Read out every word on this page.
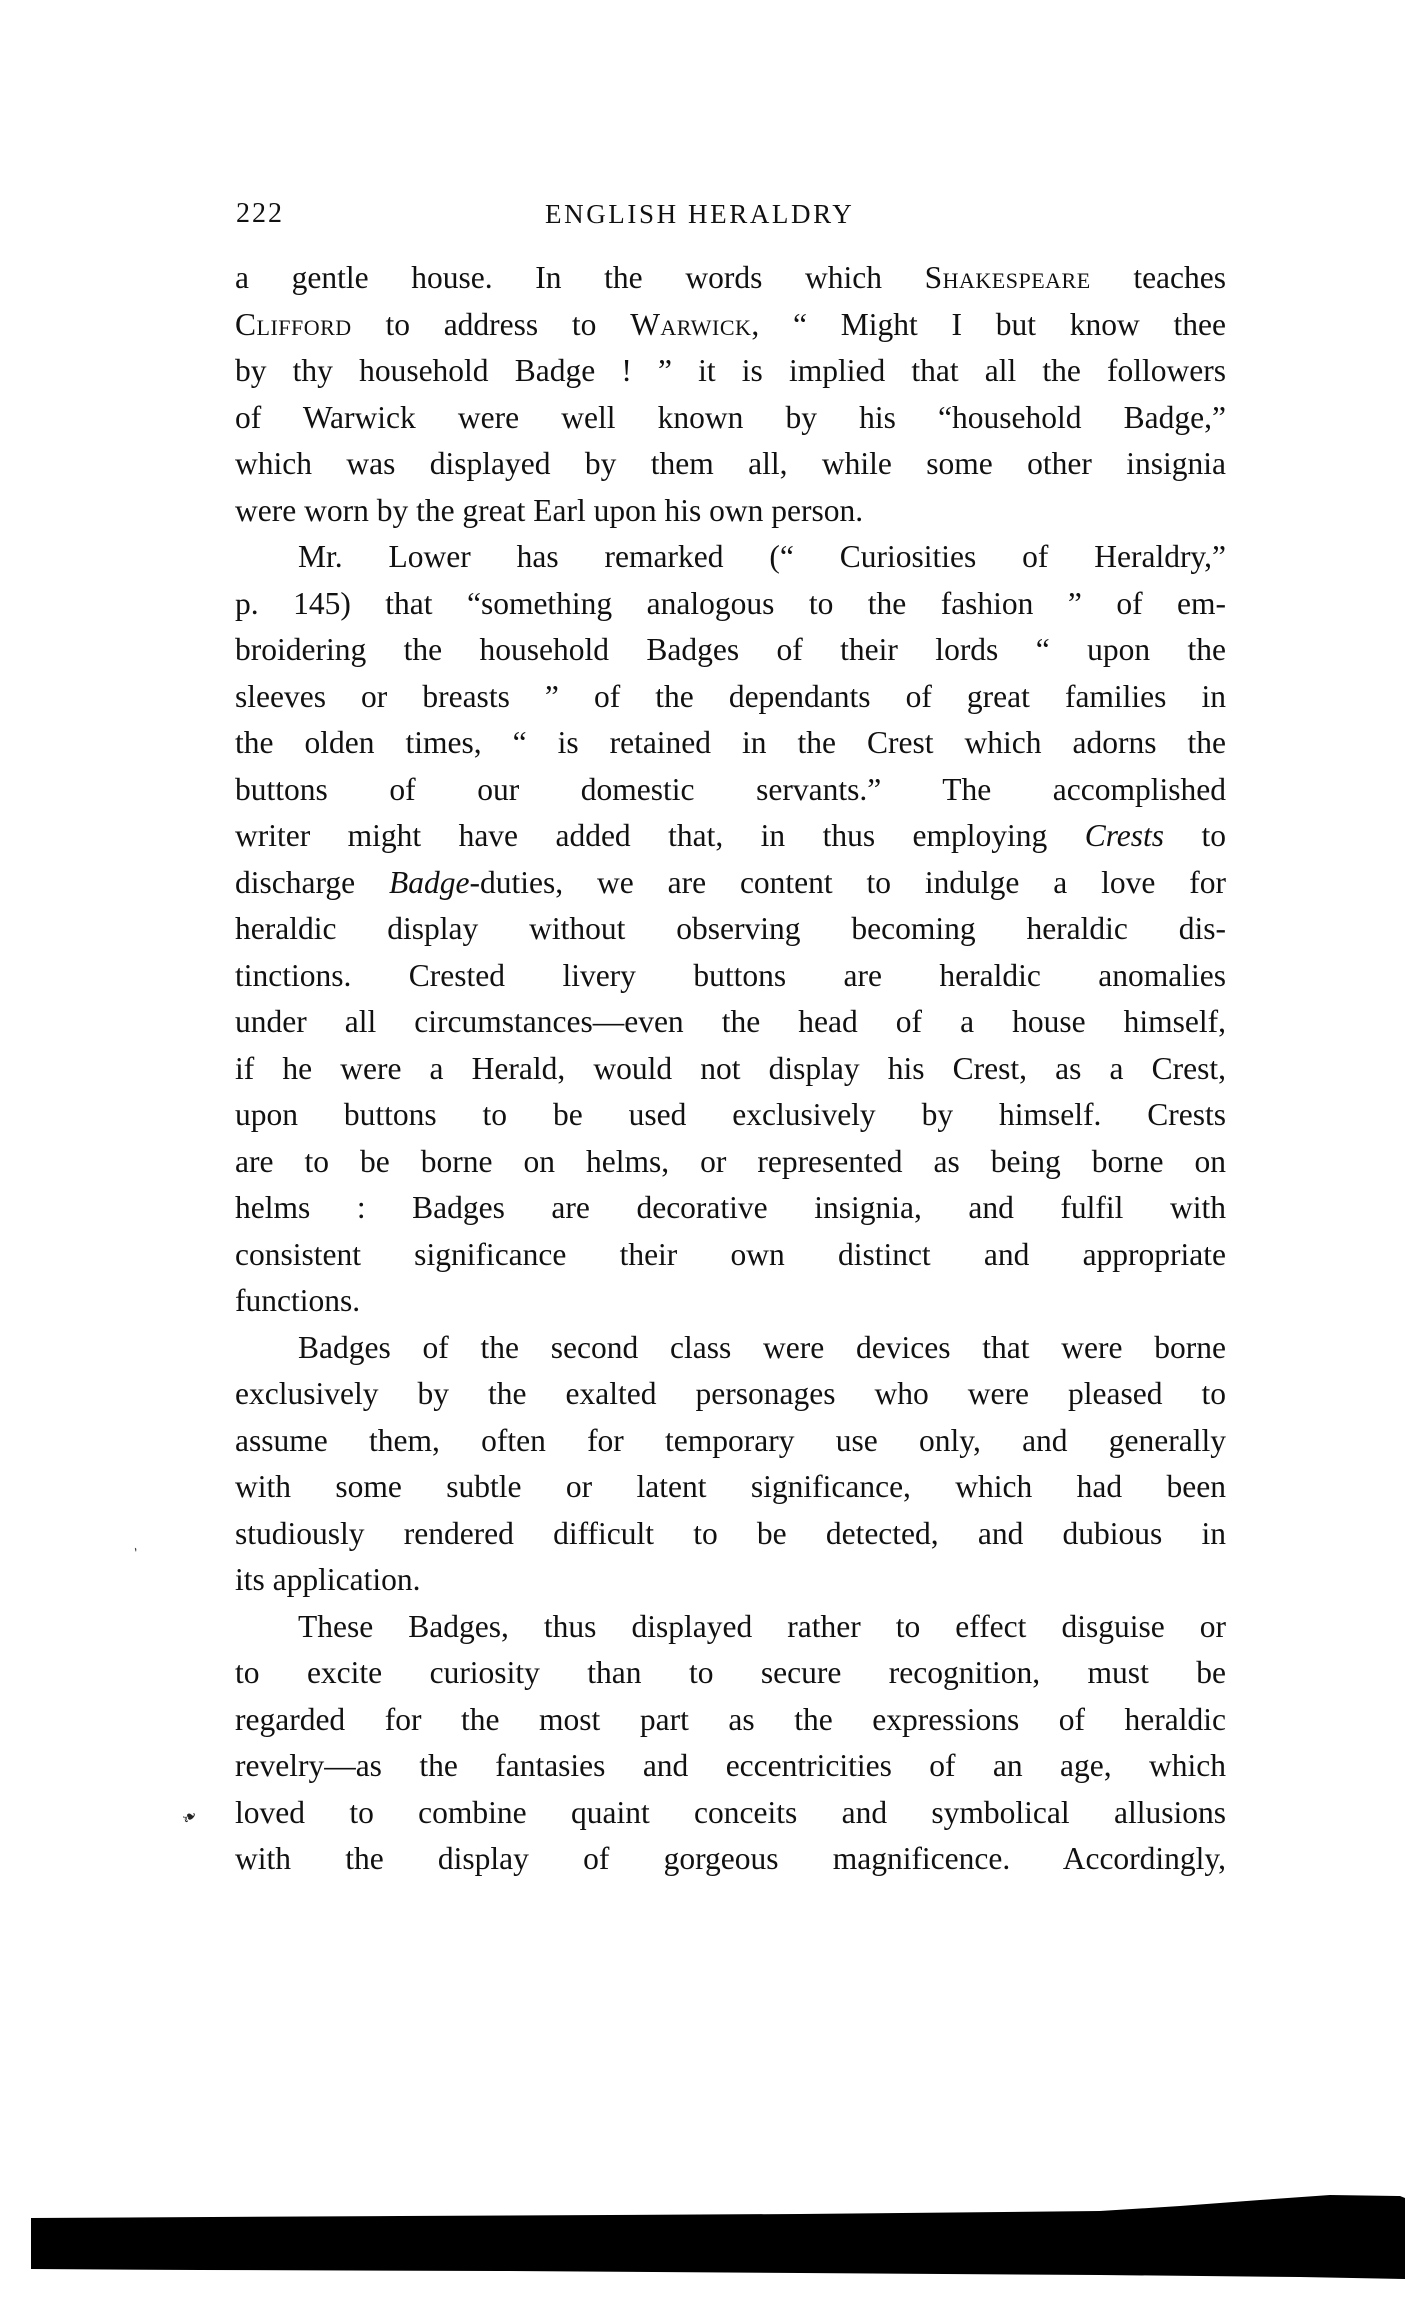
222	ENGLISH HERALDRY
a gentle house. In the words which Shakespeare teaches
Clifford to address to Warwick, “ Might I but know thee
by thy household Badge ! ” it is implied that all the followers
of Warwick were well known by his “household Badge,”
which was displayed by them all, while some other insignia
were worn by the great Earl upon his own person.
Mr. Lower has remarked (“ Curiosities of Heraldry,”
p. 145) that “something analogous to the fashion ” of em-
broidering the household Badges of their lords “ upon the
sleeves or breasts ” of the dependants of great families in
the olden times, “ is retained in the Crest which adorns the
buttons of our domestic servants.” The accomplished
writer might have added that, in thus employing Crests to
discharge Badge-duties, we are content to indulge a love for
heraldic display without observing becoming heraldic dis-
tinctions. Crested livery buttons are heraldic anomalies
under all circumstances—even the head of a house himself,
if he were a Herald, would not display his Crest, as a Crest,
upon buttons to be used exclusively by himself. Crests
are to be borne on helms, or represented as being borne on
helms : Badges are decorative insignia, and fulfil with
consistent significance their own distinct and appropriate
functions.
Badges of the second class were devices that were borne
exclusively by the exalted personages who were pleased to
assume them, often for temporary use only, and generally
with some subtle or latent significance, which had been
studiously rendered difficult to be detected, and dubious in
its application.
These Badges, thus displayed rather to effect disguise or
to excite curiosity than to secure recognition, must be
regarded for the most part as the expressions of heraldic
revelry—as the fantasies and eccentricities of an age, which
loved to combine quaint conceits and symbolical allusions
with the display of gorgeous magnificence. Accordingly,
ˎ
❧
